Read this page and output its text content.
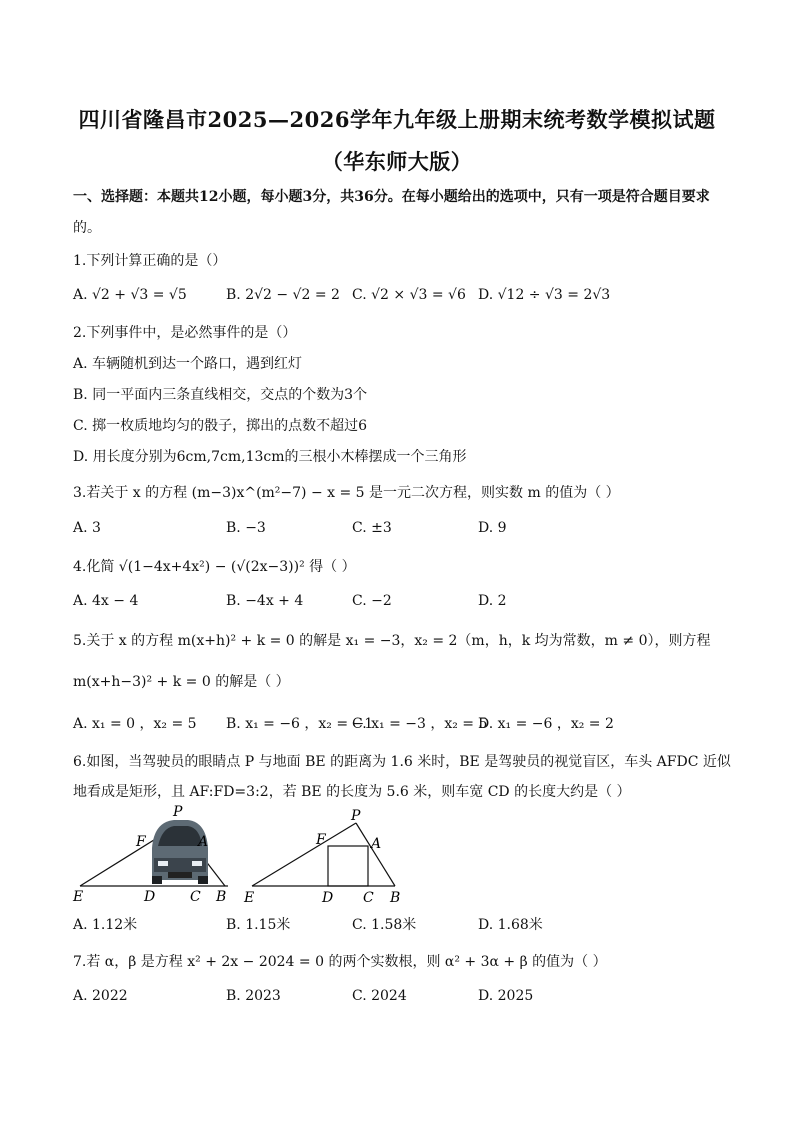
四川省隆昌市2025—2026学年九年级上册期末统考数学模拟试题
（华东师大版）
一、选择题：本题共12小题，每小题3分，共36分。在每小题给出的选项中，只有一项是符合题目要求
的。
1.下列计算正确的是（）
A. √2 + √3 = √5	B. 2√2 − √2 = 2 C. √2 × √3 = √6 D. √12 ÷ √3 = 2√3
2.下列事件中，是必然事件的是（）
A. 车辆随机到达一个路口，遇到红灯
B. 同一平面内三条直线相交，交点的个数为3个
C. 掷一枚质地均匀的骰子，掷出的点数不超过6
D. 用长度分别为6cm,7cm,13cm的三根小木棒摆成一个三角形
3.若关于 x 的方程 (m−3)x^(m²−7) − x = 5 是一元二次方程，则实数 m 的值为（ ）
A. 3	B. −3	C. ±3	D. 9
4.化简 √(1−4x+4x²) − (√(2x−3))² 得（ ）
A. 4x − 4	B. −4x + 4	C. −2	D. 2
5.关于 x 的方程 m(x+h)² + k = 0 的解是 x₁ = −3，x₂ = 2（m，h，k 均为常数，m ≠ 0），则方程
m(x+h−3)² + k = 0 的解是（ ）
A. x₁ = 0 ，x₂ = 5 B. x₁ = −6 ，x₂ = −1
C. x₁ = −3 ，x₂ = 5
D. x₁ = −6 ，x₂ = 2
6.如图，当驾驶员的眼睛点 P 与地面 BE 的距离为 1.6 米时，BE 是驾驶员的视觉盲区，车头 AFDC 近似
地看成是矩形，且 AF:FD=3:2，若 BE 的长度为 5.6 米，则车宽 CD 的长度大约是（ ）
P
F	A
E	D C B
P
F	A
E	D C B
A. 1.12米	B. 1.15米	C. 1.58米	D. 1.68米
7.若 α，β 是方程 x² + 2x − 2024 = 0 的两个实数根，则 α² + 3α + β 的值为（ ）
A. 2022	B. 2023	C. 2024	D. 2025
